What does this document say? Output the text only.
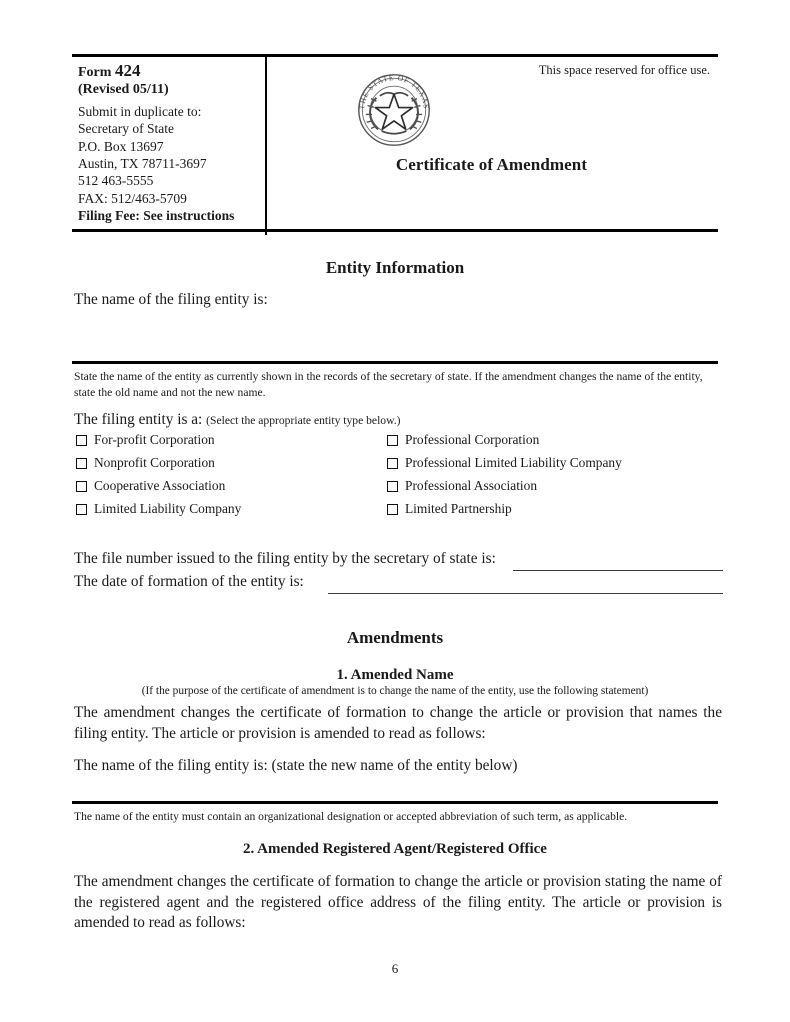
Form 424
(Revised 05/11)
Submit in duplicate to:
Secretary of State
P.O. Box 13697
Austin, TX 78711-3697
512 463-5555
FAX: 512/463-5709
Filing Fee: See instructions
This space reserved for office use.
THE STATE OF TEXAS
Certificate of Amendment
Entity Information
The name of the filing entity is:
State the name of the entity as currently shown in the records of the secretary of state. If the amendment changes the name of the entity, state the old name and not the new name.
The filing entity is a: (Select the appropriate entity type below.)
For-profit Corporation
Nonprofit Corporation
Cooperative Association
Limited Liability Company
Professional Corporation
Professional Limited Liability Company
Professional Association
Limited Partnership
The file number issued to the filing entity by the secretary of state is:
The date of formation of the entity is:
Amendments
1. Amended Name
(If the purpose of the certificate of amendment is to change the name of the entity, use the following statement)
The amendment changes the certificate of formation to change the article or provision that names the filing entity. The article or provision is amended to read as follows:
The name of the filing entity is: (state the new name of the entity below)
The name of the entity must contain an organizational designation or accepted abbreviation of such term, as applicable.
2. Amended Registered Agent/Registered Office
The amendment changes the certificate of formation to change the article or provision stating the name of the registered agent and the registered office address of the filing entity. The article or provision is amended to read as follows:
6
